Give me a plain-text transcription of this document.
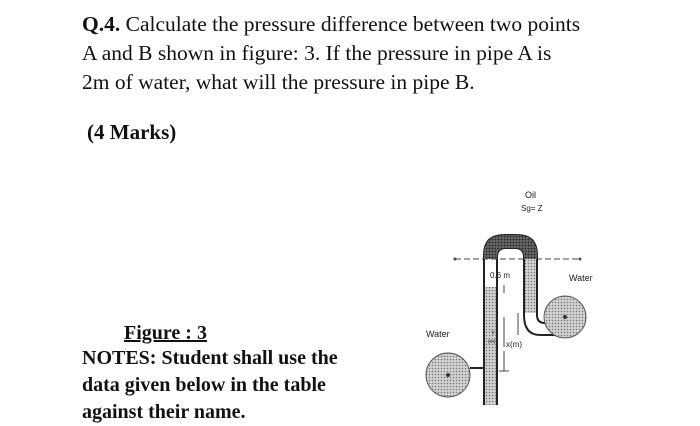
Q.4. Calculate the pressure difference between two points
A and B shown in figure: 3. If the pressure in pipe A is
2m of water, what will the pressure in pipe B.
(4 Marks)
Figure : 3
NOTES: Student shall use the
data given below in the table
against their name.
Oil
Sg= Z
0.6 m
Y
(m) x(m)
B
Water
A
Water
